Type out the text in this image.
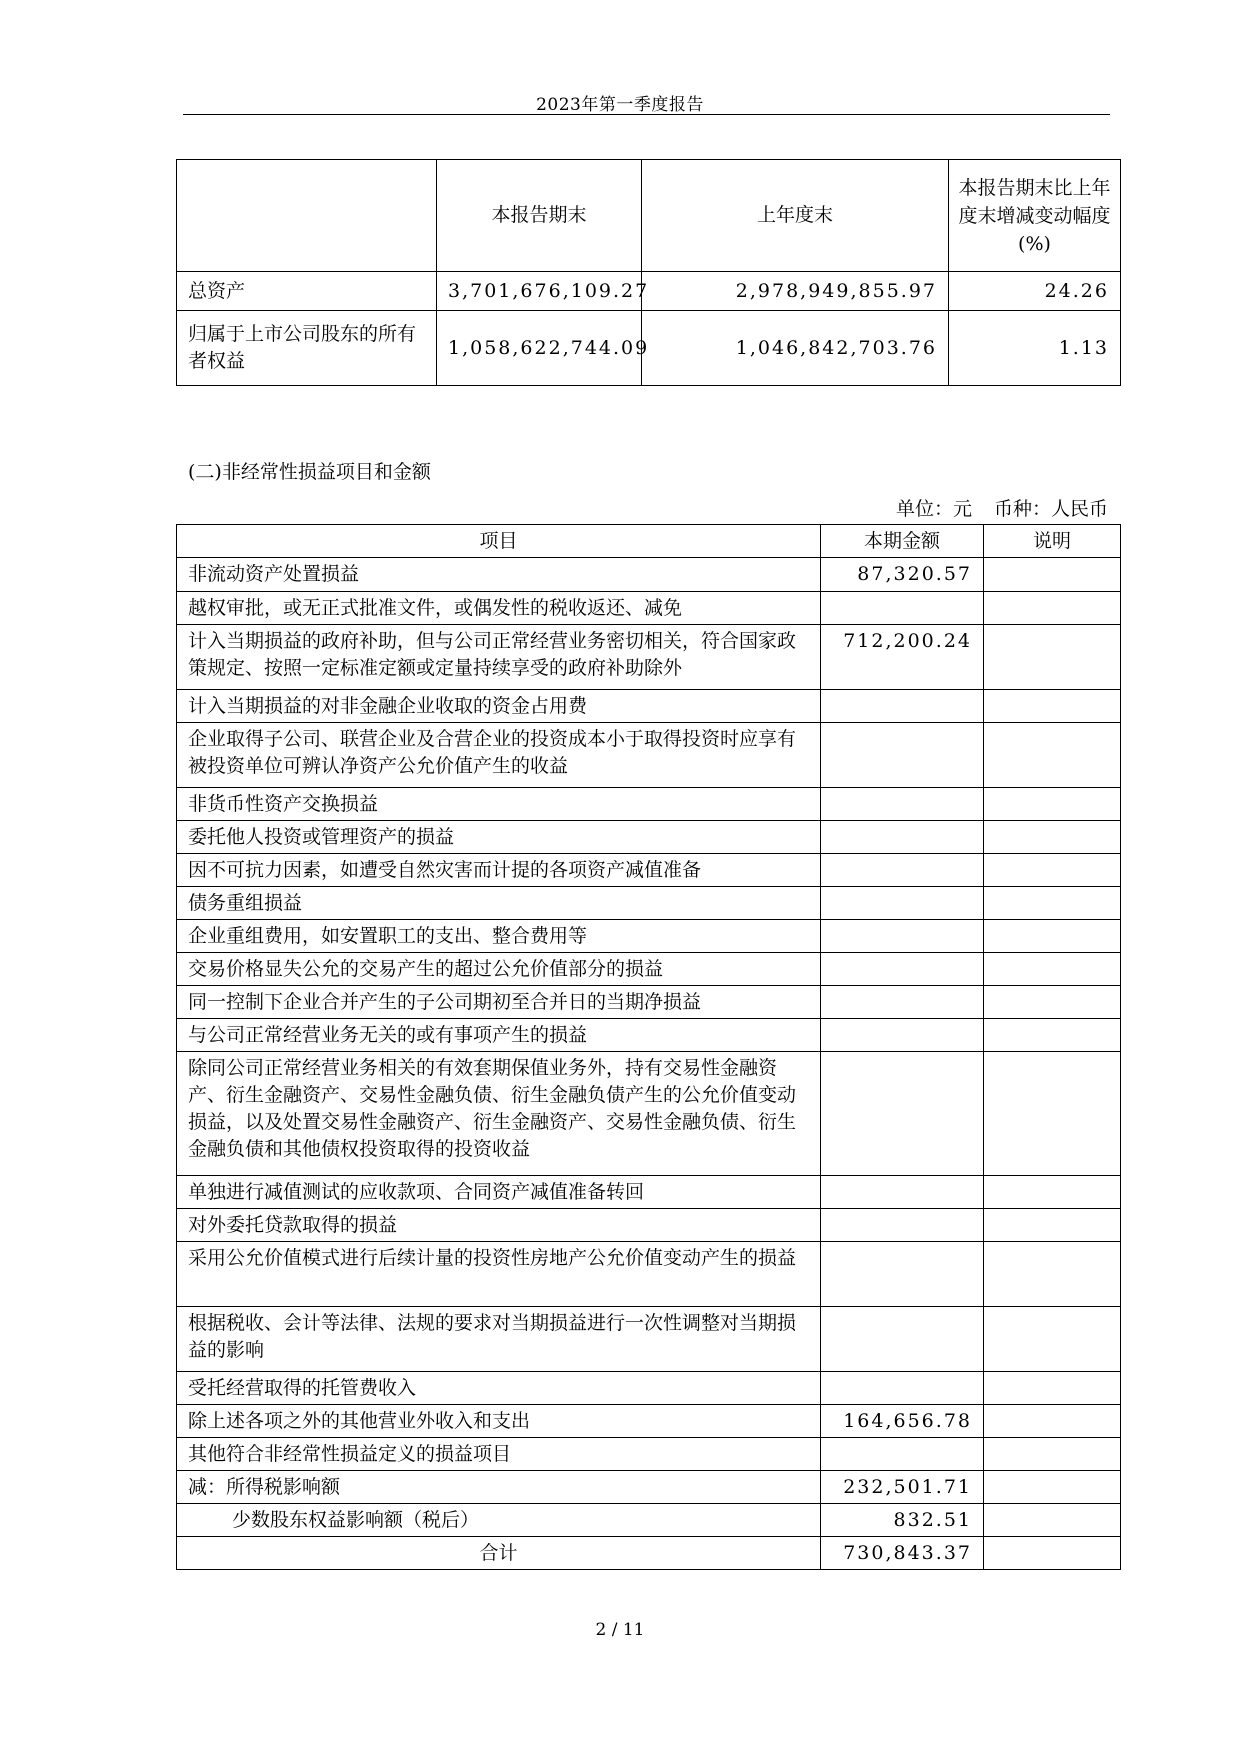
2023年第一季度报告
	本报告期末	上年度末	本报告期末比上年度末增减变动幅度(%)
总资产	3,701,676,109.27	2,978,949,855.97	24.26
归属于上市公司股东的所有者权益	1,058,622,744.09	1,046,842,703.76	1.13
(二)非经常性损益项目和金额
单位：元 币种：人民币
项目	本期金额	说明
非流动资产处置损益	87,320.57	
越权审批，或无正式批准文件，或偶发性的税收返还、减免		
计入当期损益的政府补助，但与公司正常经营业务密切相关，符合国家政策规定、按照一定标准定额或定量持续享受的政府补助除外	712,200.24	
计入当期损益的对非金融企业收取的资金占用费		
企业取得子公司、联营企业及合营企业的投资成本小于取得投资时应享有被投资单位可辨认净资产公允价值产生的收益		
非货币性资产交换损益		
委托他人投资或管理资产的损益		
因不可抗力因素，如遭受自然灾害而计提的各项资产减值准备		
债务重组损益		
企业重组费用，如安置职工的支出、整合费用等		
交易价格显失公允的交易产生的超过公允价值部分的损益		
同一控制下企业合并产生的子公司期初至合并日的当期净损益		
与公司正常经营业务无关的或有事项产生的损益		
除同公司正常经营业务相关的有效套期保值业务外，持有交易性金融资产、衍生金融资产、交易性金融负债、衍生金融负债产生的公允价值变动损益，以及处置交易性金融资产、衍生金融资产、交易性金融负债、衍生金融负债和其他债权投资取得的投资收益		
单独进行减值测试的应收款项、合同资产减值准备转回		
对外委托贷款取得的损益		
采用公允价值模式进行后续计量的投资性房地产公允价值变动产生的损益		
根据税收、会计等法律、法规的要求对当期损益进行一次性调整对当期损益的影响		
受托经营取得的托管费收入		
除上述各项之外的其他营业外收入和支出	164,656.78	
其他符合非经常性损益定义的损益项目		
减：所得税影响额	232,501.71	
少数股东权益影响额（税后）	832.51	
合计	730,843.37	
2 / 11
